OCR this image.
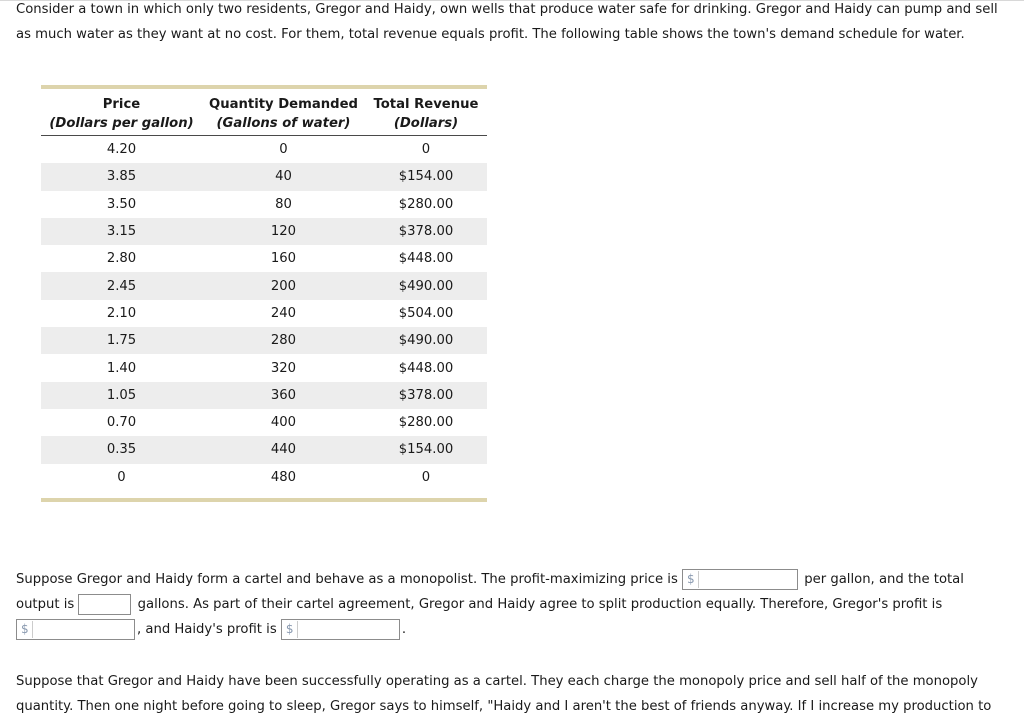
Consider a town in which only two residents, Gregor and Haidy, own wells that produce water safe for drinking. Gregor and Haidy can pump and sell as much water as they want at no cost. For them, total revenue equals profit. The following table shows the town's demand schedule for water.

Price	Quantity Demanded	Total Revenue
(Dollars per gallon)	(Gallons of water)	(Dollars)
4.20	0	0
3.85	40	$154.00
3.50	80	$280.00
3.15	120	$378.00
2.80	160	$448.00
2.45	200	$490.00
2.10	240	$504.00
1.75	280	$490.00
1.40	320	$448.00
1.05	360	$378.00
0.70	400	$280.00
0.35	440	$154.00
0	480	0
Suppose Gregor and Haidy form a cartel and behave as a monopolist. The profit-maximizing price is $	per gallon, and the total output is	gallons. As part of their cartel agreement, Gregor and Haidy agree to split production equally. Therefore, Gregor's profit is
$	, and Haidy's profit is $	.

Suppose that Gregor and Haidy have been successfully operating as a cartel. They each charge the monopoly price and sell half of the monopoly quantity. Then one night before going to sleep, Gregor says to himself, "Haidy and I aren't the best of friends anyway. If I increase my production to
